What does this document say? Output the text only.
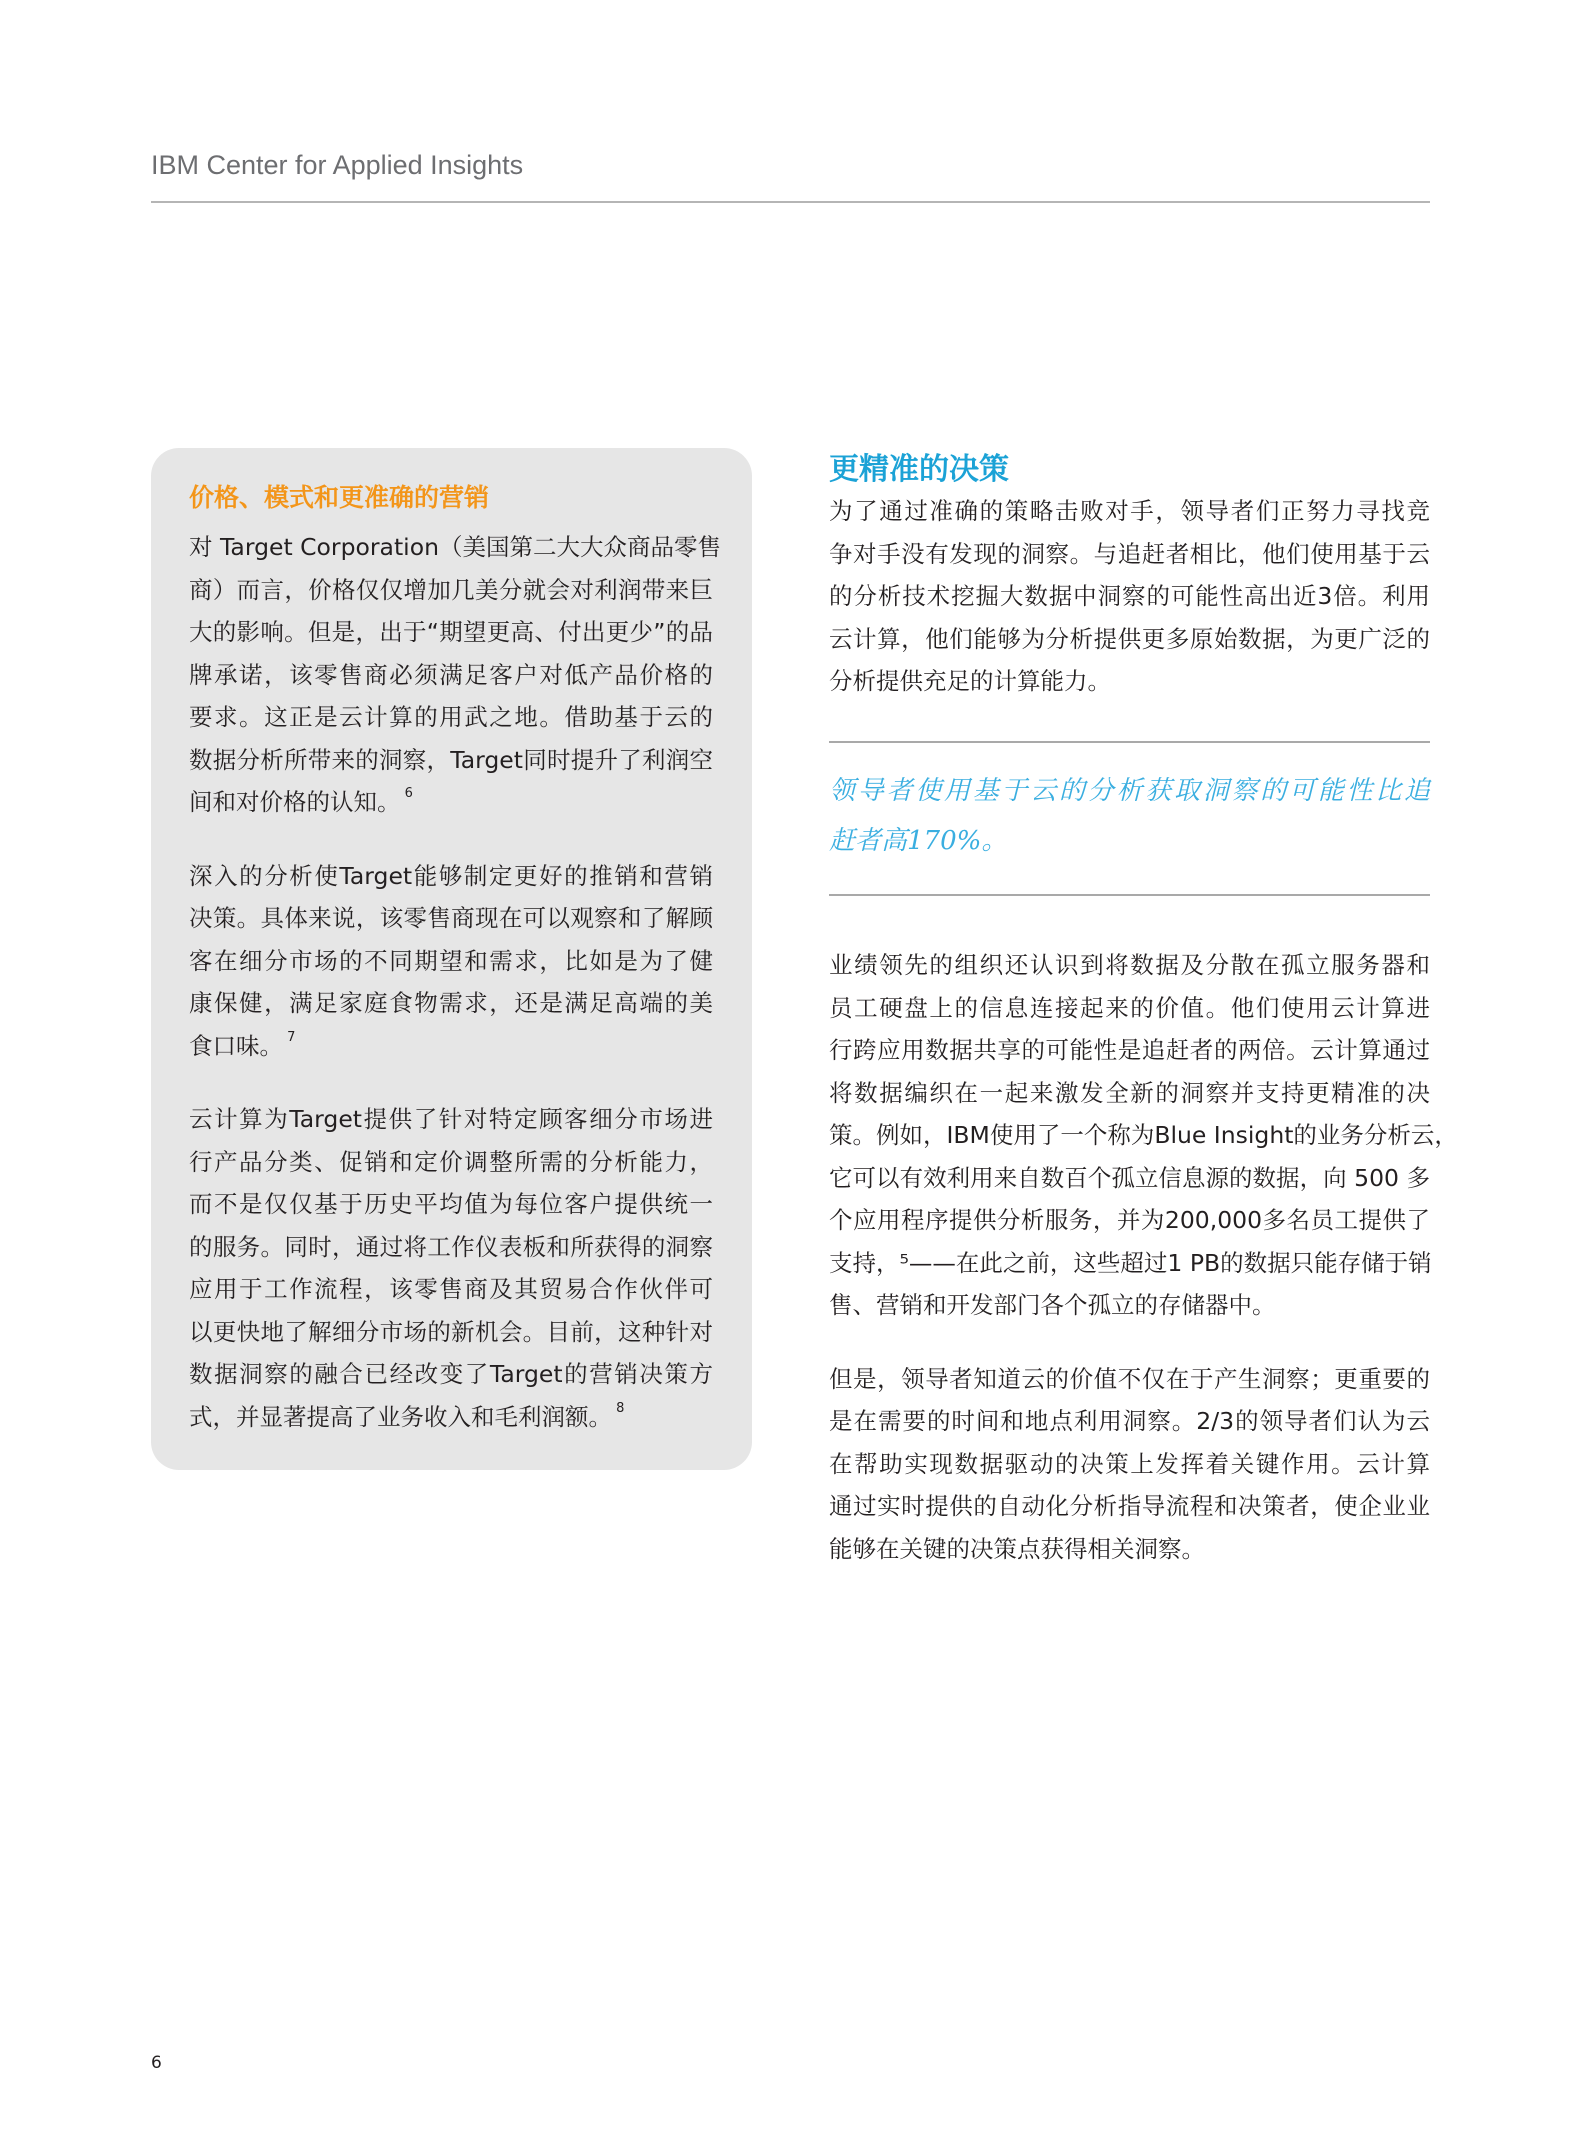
IBM Center for Applied Insights
价格、模式和更准确的营销
对 Target Corporation（美国第二大大众商品零售
商）而言，价格仅仅增加几美分就会对利润带来巨
大的影响。但是，出于“期望更高、付出更少”的品
牌承诺，该零售商必须满足客户对低产品价格的
要求。这正是云计算的用武之地。借助基于云的
数据分析所带来的洞察，Target同时提升了利润空
间和对价格的认知。 $^6$
深入的分析使Target能够制定更好的推销和营销
决策。具体来说，该零售商现在可以观察和了解顾
客在细分市场的不同期望和需求，比如是为了健
康保健，满足家庭食物需求，还是满足高端的美
食口味。 $^7$
云计算为Target提供了针对特定顾客细分市场进
行产品分类、促销和定价调整所需的分析能力，
而不是仅仅基于历史平均值为每位客户提供统一
的服务。同时，通过将工作仪表板和所获得的洞察
应用于工作流程，该零售商及其贸易合作伙伴可
以更快地了解细分市场的新机会。目前，这种针对
数据洞察的融合已经改变了Target的营销决策方
式，并显著提高了业务收入和毛利润额。 $^8$
更精准的决策
为了通过准确的策略击败对手，领导者们正努力寻找竞
争对手没有发现的洞察。与追赶者相比，他们使用基于云
的分析技术挖掘大数据中洞察的可能性高出近3倍。利用
云计算，他们能够为分析提供更多原始数据，为更广泛的
分析提供充足的计算能力。
领导者使用基于云的分析获取洞察的可能性比追
赶者高170%。
业绩领先的组织还认识到将数据及分散在孤立服务器和
员工硬盘上的信息连接起来的价值。他们使用云计算进
行跨应用数据共享的可能性是追赶者的两倍。云计算通过
将数据编织在一起来激发全新的洞察并支持更精准的决
策。例如，IBM使用了一个称为Blue Insight的业务分析云，
它可以有效利用来自数百个孤立信息源的数据，向 500 多
个应用程序提供分析服务，并为200,000多名员工提供了
支持，⁵——在此之前，这些超过1 PB的数据只能存储于销
售、营销和开发部门各个孤立的存储器中。
但是，领导者知道云的价值不仅在于产生洞察；更重要的
是在需要的时间和地点利用洞察。2/3的领导者们认为云
在帮助实现数据驱动的决策上发挥着关键作用。云计算
通过实时提供的自动化分析指导流程和决策者，使企业业
能够在关键的决策点获得相关洞察。
6
